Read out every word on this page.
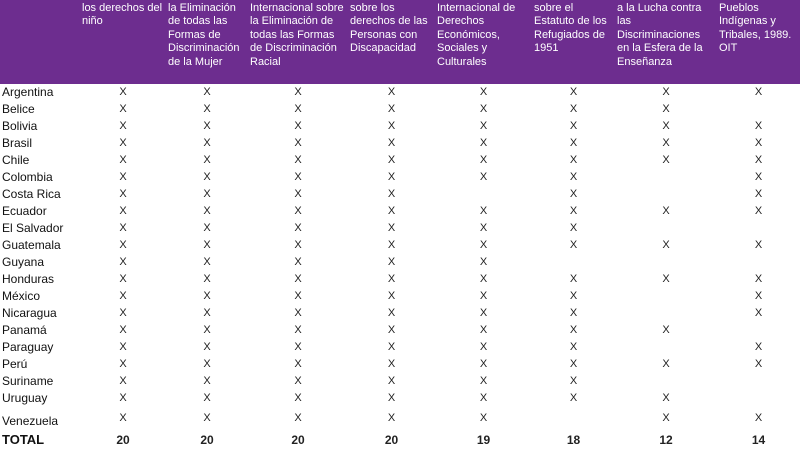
	los derechos del niño	la Eliminación de todas las Formas de Discriminación de la Mujer	Internacional sobre la Eliminación de todas las Formas de Discriminación Racial	sobre los derechos de las Personas con Discapacidad	Internacional de Derechos Económicos, Sociales y Culturales	sobre el Estatuto de los Refugiados de 1951	a la Lucha contra las Discriminaciones en la Esfera de la Enseñanza	Pueblos Indígenas y Tribales, 1989. OIT
Argentina	X	X	X	X	X	X	X	X
Belice	X	X	X	X	X	X	X	
Bolivia	X	X	X	X	X	X	X	X
Brasil	X	X	X	X	X	X	X	X
Chile	X	X	X	X	X	X	X	X
Colombia	X	X	X	X	X	X		X
Costa Rica	X	X	X	X		X		X
Ecuador	X	X	X	X	X	X	X	X
El Salvador	X	X	X	X	X	X		
Guatemala	X	X	X	X	X	X	X	X
Guyana	X	X	X	X	X			
Honduras	X	X	X	X	X	X	X	X
México	X	X	X	X	X	X		X
Nicaragua	X	X	X	X	X	X		X
Panamá	X	X	X	X	X	X	X	
Paraguay	X	X	X	X	X	X		X
Perú	X	X	X	X	X	X	X	X
Suriname	X	X	X	X	X	X		
Uruguay	X	X	X	X	X	X	X	
Venezuela	X	X	X	X	X		X	X
TOTAL	20	20	20	20	19	18	12	14
